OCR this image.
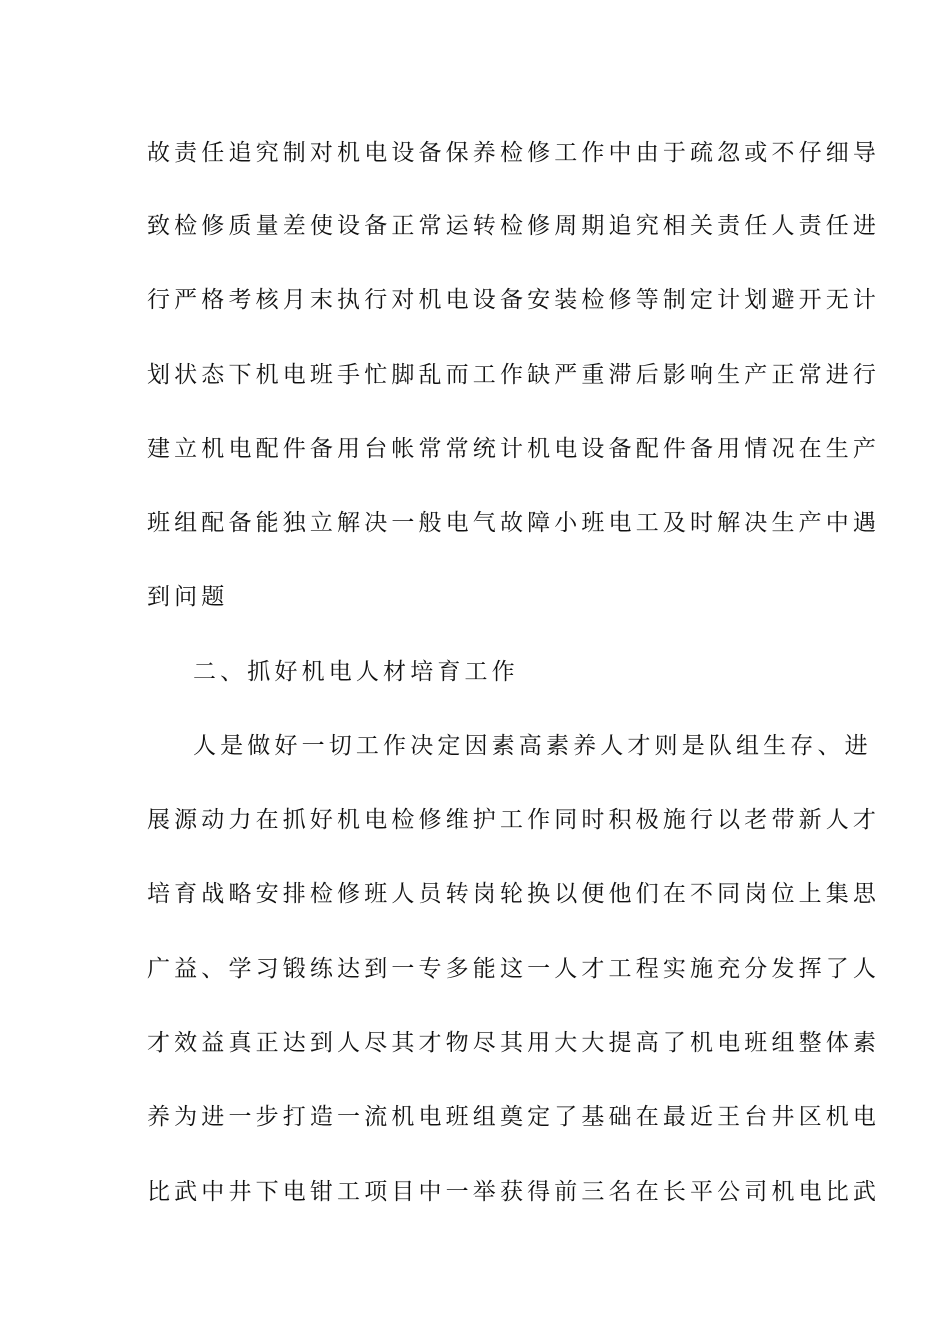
故责任追究制对机电设备保养检修工作中由于疏忽或不仔细导
致检修质量差使设备正常运转检修周期追究相关责任人责任进
行严格考核月末执行对机电设备安装检修等制定计划避开无计
划状态下机电班手忙脚乱而工作缺严重滞后影响生产正常进行
建立机电配件备用台帐常常统计机电设备配件备用情况在生产
班组配备能独立解决一般电气故障小班电工及时解决生产中遇
到问题
二、抓好机电人材培育工作
人是做好一切工作决定因素高素养人才则是队组生存、进
展源动力在抓好机电检修维护工作同时积极施行以老带新人才
培育战略安排检修班人员转岗轮换以便他们在不同岗位上集思
广益、学习锻练达到一专多能这一人才工程实施充分发挥了人
才效益真正达到人尽其才物尽其用大大提高了机电班组整体素
养为进一步打造一流机电班组奠定了基础在最近王台井区机电
比武中井下电钳工项目中一举获得前三名在长平公司机电比武
